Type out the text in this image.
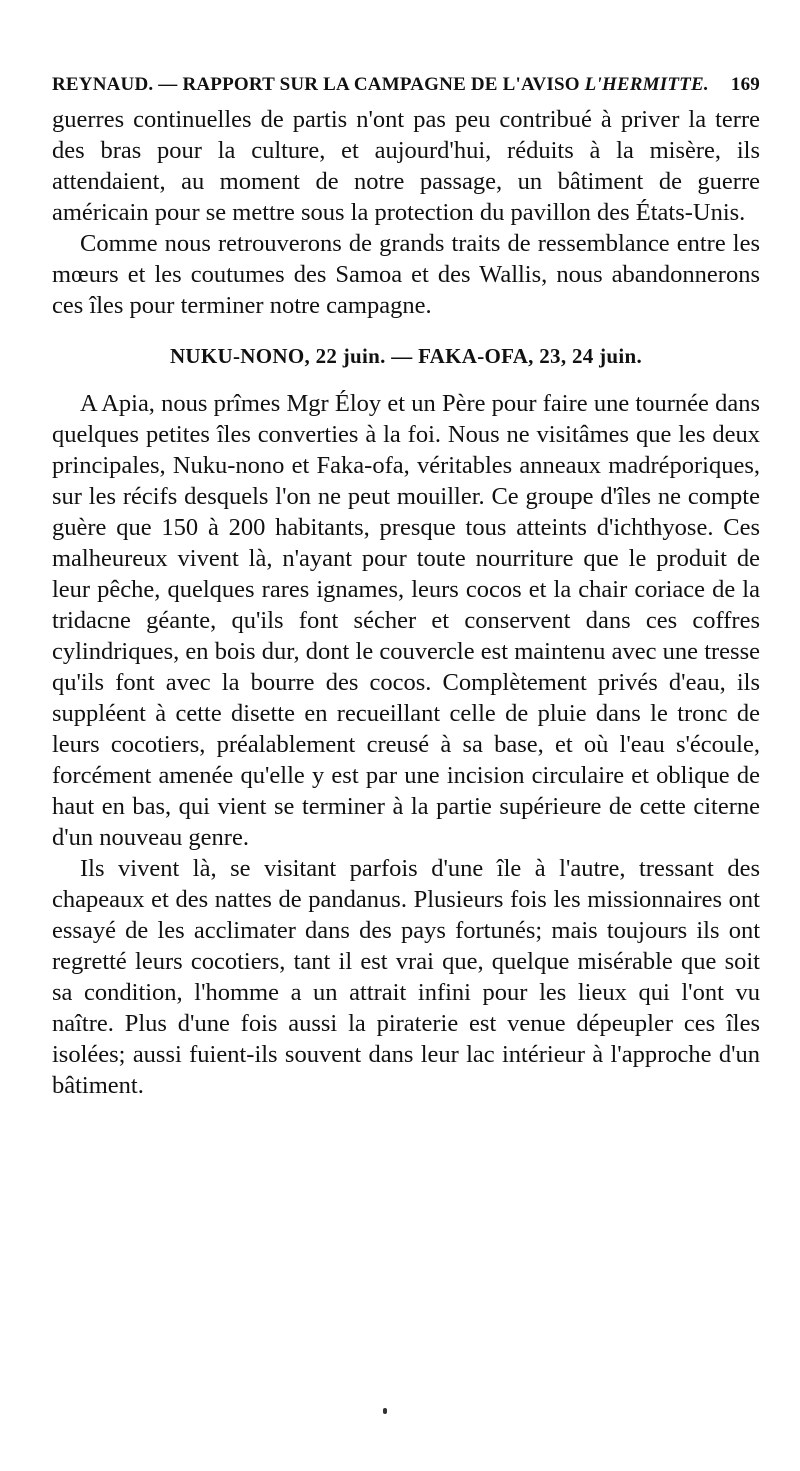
REYNAUD. — RAPPORT SUR LA CAMPAGNE DE L'AVISO L'HERMITTE. 169

guerres continuelles de partis n'ont pas peu contribué à priver la terre des bras pour la culture, et aujourd'hui, réduits à la misère, ils attendaient, au moment de notre passage, un bâtiment de guerre américain pour se mettre sous la protection du pavillon des États-Unis.

Comme nous retrouverons de grands traits de ressemblance entre les mœurs et les coutumes des Samoa et des Wallis, nous abandonnerons ces îles pour terminer notre campagne.

NUKU-NONO, 22 juin. — FAKA-OFA, 23, 24 juin.

A Apia, nous prîmes Mgr Éloy et un Père pour faire une tournée dans quelques petites îles converties à la foi. Nous ne visitâmes que les deux principales, Nuku-nono et Faka-ofa, véritables anneaux madréporiques, sur les récifs desquels l'on ne peut mouiller. Ce groupe d'îles ne compte guère que 150 à 200 habitants, presque tous atteints d'ichthyose. Ces malheureux vivent là, n'ayant pour toute nourriture que le produit de leur pêche, quelques rares ignames, leurs cocos et la chair coriace de la tridacne géante, qu'ils font sécher et conservent dans ces coffres cylindriques, en bois dur, dont le couvercle est maintenu avec une tresse qu'ils font avec la bourre des cocos. Complètement privés d'eau, ils suppléent à cette disette en recueillant celle de pluie dans le tronc de leurs cocotiers, préalablement creusé à sa base, et où l'eau s'écoule, forcément amenée qu'elle y est par une incision circulaire et oblique de haut en bas, qui vient se terminer à la partie supérieure de cette citerne d'un nouveau genre.

Ils vivent là, se visitant parfois d'une île à l'autre, tressant des chapeaux et des nattes de pandanus. Plusieurs fois les missionnaires ont essayé de les acclimater dans des pays fortunés; mais toujours ils ont regretté leurs cocotiers, tant il est vrai que, quelque misérable que soit sa condition, l'homme a un attrait infini pour les lieux qui l'ont vu naître. Plus d'une fois aussi la piraterie est venue dépeupler ces îles isolées; aussi fuient-ils souvent dans leur lac intérieur à l'approche d'un bâtiment.
